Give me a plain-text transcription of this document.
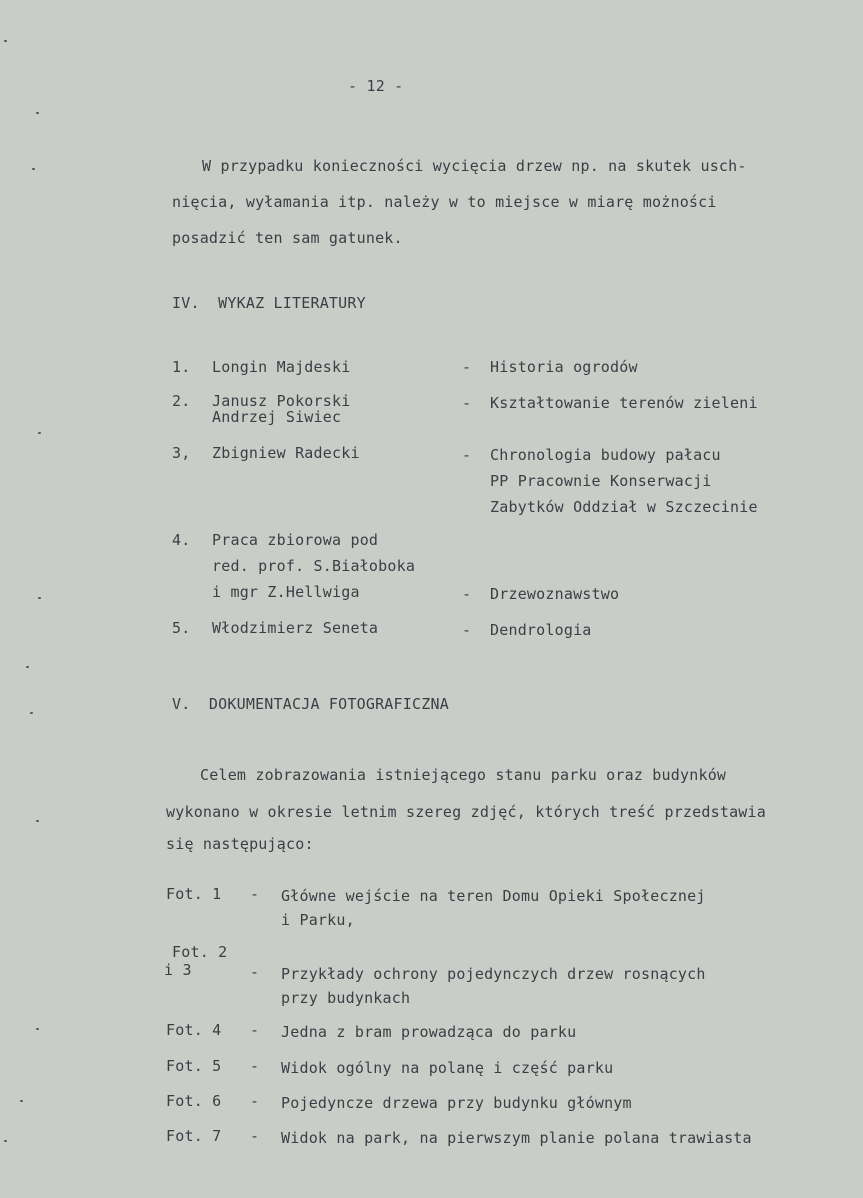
- 12 -
W przypadku konieczności wycięcia drzew np. na skutek usch-
nięcia, wyłamania itp. należy w to miejsce w miarę możności
posadzić ten sam gatunek.
IV.  WYKAZ LITERATURY
1. Longin Majdeski	- Historia ogrodów
2. Janusz Pokorski
Andrzej Siwiec
- Kształtowanie terenów zieleni
3, Zbigniew Radecki	- Chronologia budowy pałacu
PP Pracownie Konserwacji
Zabytków Oddział w Szczecinie
4. Praca zbiorowa pod
red. prof. S.Białoboka
i mgr Z.Hellwiga	- Drzewoznawstwo
5. Włodzimierz Seneta	- Dendrologia
V.  DOKUMENTACJA FOTOGRAFICZNA
Celem zobrazowania istniejącego stanu parku oraz budynków
wykonano w okresie letnim szereg zdjęć, których treść przedstawia
się następująco:
Fot. 1 - Główne wejście na teren Domu Opieki Społecznej
i Parku,
Fot. 2
i 3	- Przykłady ochrony pojedynczych drzew rosnących
przy budynkach
Fot. 4 - Jedna z bram prowadząca do parku
Fot. 5 - Widok ogólny na polanę i część parku
Fot. 6 - Pojedyncze drzewa przy budynku głównym
Fot. 7 - Widok na park, na pierwszym planie polana trawiasta
